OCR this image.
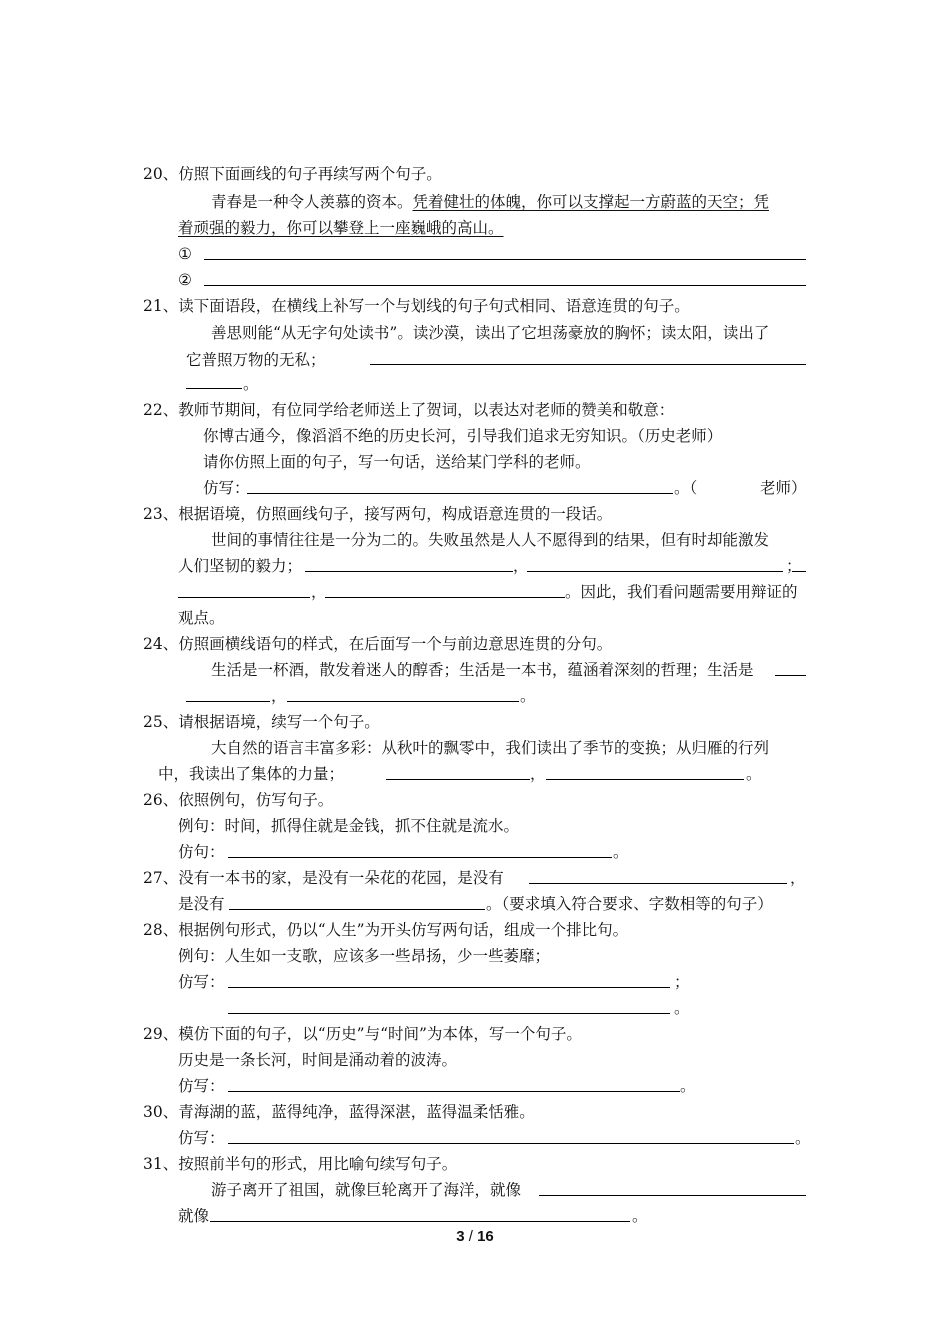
20、仿照下面画线的句子再续写两个句子。
青春是一种令人羡慕的资本。凭着健壮的体魄，你可以支撑起一方蔚蓝的天空；凭
着顽强的毅力，你可以攀登上一座巍峨的高山。
①
②
21、读下面语段，在横线上补写一个与划线的句子句式相同、语意连贯的句子。
善思则能“从无字句处读书”。读沙漠，读出了它坦荡豪放的胸怀；读太阳，读出了
它普照万物的无私；
。
22、教师节期间，有位同学给老师送上了贺词，以表达对老师的赞美和敬意：
你博古通今，像滔滔不绝的历史长河，引导我们追求无穷知识。（历史老师）
请你仿照上面的句子，写一句话，送给某门学科的老师。
仿写：	。（	老师）
23、根据语境，仿照画线句子，接写两句，构成语意连贯的一段话。
世间的事情往往是一分为二的。失败虽然是人人不愿得到的结果，但有时却能激发
人们坚韧的毅力；	，	；
，	。因此，我们看问题需要用辩证的
观点。
24、仿照画横线语句的样式，在后面写一个与前边意思连贯的分句。
生活是一杯酒，散发着迷人的醇香；生活是一本书，蕴涵着深刻的哲理；生活是
，	。
25、请根据语境，续写一个句子。
大自然的语言丰富多彩：从秋叶的飘零中，我们读出了季节的变换；从归雁的行列
中，我读出了集体的力量；	，	。
26、依照例句，仿写句子。
例句：时间，抓得住就是金钱，抓不住就是流水。
仿句：	。
27、没有一本书的家，是没有一朵花的花园，是没有	，
是没有	。（要求填入符合要求、字数相等的句子）
28、根据例句形式，仍以“人生”为开头仿写两句话，组成一个排比句。
例句：人生如一支歌，应该多一些昂扬，少一些萎靡；
仿写：	；
。
29、模仿下面的句子，以“历史”与“时间”为本体，写一个句子。
历史是一条长河，时间是涌动着的波涛。
仿写：	。
30、青海湖的蓝，蓝得纯净，蓝得深湛，蓝得温柔恬雅。
仿写：	。
31、按照前半句的形式，用比喻句续写句子。
游子离开了祖国，就像巨轮离开了海洋，就像
就像	。
3 / 16
